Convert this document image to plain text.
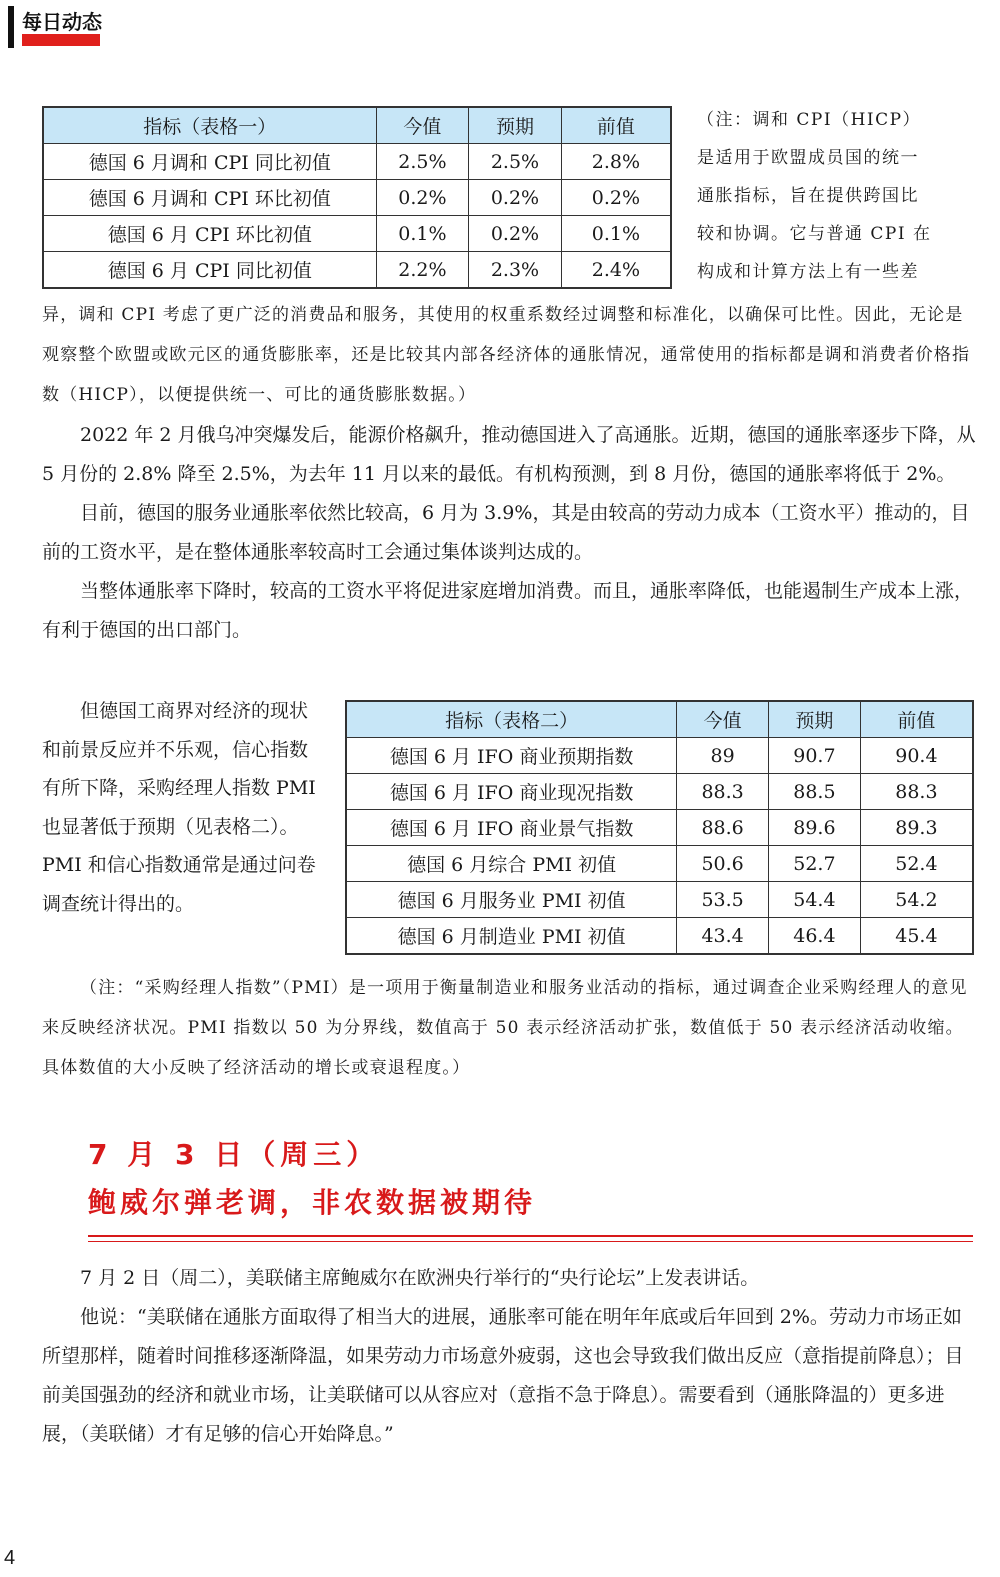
每日动态
指标（表格一）	今值	预期	前值
德国 6 月调和 CPI 同比初值	2.5%	2.5%	2.8%
德国 6 月调和 CPI 环比初值	0.2%	0.2%	0.2%
德国 6 月 CPI 环比初值	0.1%	0.2%	0.1%
德国 6 月 CPI 同比初值	2.2%	2.3%	2.4%
（注：调和 CPI（HICP）
是适用于欧盟成员国的统一
通胀指标，旨在提供跨国比
较和协调。它与普通 CPI 在
构成和计算方法上有一些差

异，调和 CPI 考虑了更广泛的消费品和服务，其使用的权重系数经过调整和标准化，以确保可比性。因此，无论是观察整个欧盟或欧元区的通货膨胀率，还是比较其内部各经济体的通胀情况，通常使用的指标都是调和消费者价格指数（HICP），以便提供统一、可比的通货膨胀数据。）

2022 年 2 月俄乌冲突爆发后，能源价格飙升，推动德国进入了高通胀。近期，德国的通胀率逐步下降，从 5 月份的 2.8% 降至 2.5%，为去年 11 月以来的最低。有机构预测，到 8 月份，德国的通胀率将低于 2%。

目前，德国的服务业通胀率依然比较高，6 月为 3.9%，其是由较高的劳动力成本（工资水平）推动的，目前的工资水平，是在整体通胀率较高时工会通过集体谈判达成的。

当整体通胀率下降时，较高的工资水平将促进家庭增加消费。而且，通胀率降低，也能遏制生产成本上涨，有利于德国的出口部门。

但德国工商界对经济的现状和前景反应并不乐观，信心指数有所下降，采购经理人指数 PMI 也显著低于预期（见表格二）。PMI 和信心指数通常是通过问卷调查统计得出的。

指标（表格二）	今值	预期	前值
德国 6 月 IFO 商业预期指数	89	90.7	90.4
德国 6 月 IFO 商业现况指数	88.3	88.5	88.3
德国 6 月 IFO 商业景气指数	88.6	89.6	89.3
德国 6 月综合 PMI 初值	50.6	52.7	52.4
德国 6 月服务业 PMI 初值	53.5	54.4	54.2
德国 6 月制造业 PMI 初值	43.4	46.4	45.4

（注：“采购经理人指数”（PMI）是一项用于衡量制造业和服务业活动的指标，通过调查企业采购经理人的意见来反映经济状况。PMI 指数以 50 为分界线，数值高于 50 表示经济活动扩张，数值低于 50 表示经济活动收缩。具体数值的大小反映了经济活动的增长或衰退程度。）

7 月 3 日（周三）
鲍威尔弹老调，非农数据被期待

7 月 2 日（周二），美联储主席鲍威尔在欧洲央行举行的“央行论坛”上发表讲话。

他说：“美联储在通胀方面取得了相当大的进展，通胀率可能在明年年底或后年回到 2%。劳动力市场正如所望那样，随着时间推移逐渐降温，如果劳动力市场意外疲弱，这也会导致我们做出反应（意指提前降息）；目前美国强劲的经济和就业市场，让美联储可以从容应对（意指不急于降息）。需要看到（通胀降温的）更多进展，（美联储）才有足够的信心开始降息。”

4
